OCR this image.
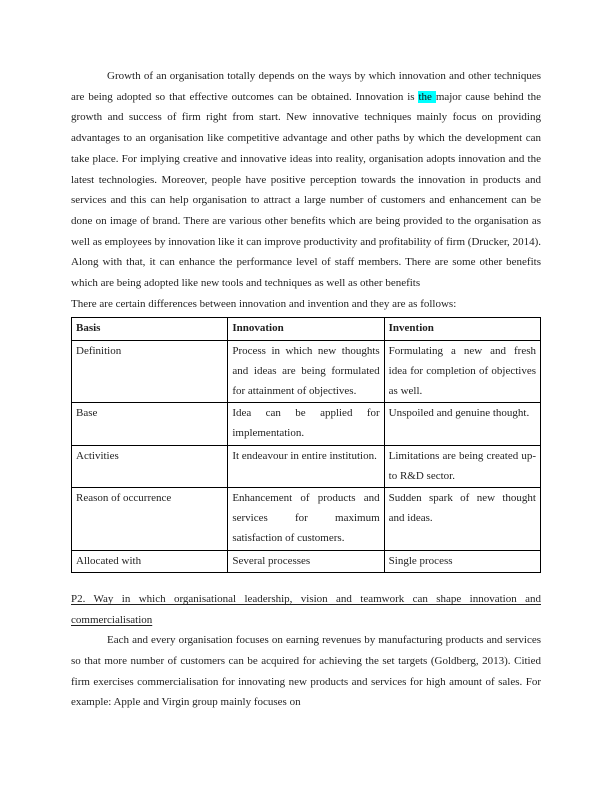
Growth of an organisation totally depends on the ways by which innovation and other techniques are being adopted so that effective outcomes can be obtained. Innovation is the major cause behind the growth and success of firm right from start. New innovative techniques mainly focus on providing advantages to an organisation like competitive advantage and other paths by which the development can take place. For implying creative and innovative ideas into reality, organisation adopts innovation and the latest technologies. Moreover, people have positive perception towards the innovation in products and services and this can help organisation to attract a large number of customers and enhancement can be done on image of brand. There are various other benefits which are being provided to the organisation as well as employees by innovation like it can improve productivity and profitability of firm (Drucker, 2014). Along with that, it can enhance the performance level of staff members. There are some other benefits which are being adopted like new tools and techniques as well as other benefits

There are certain differences between innovation and invention and they are as follows:

Basis	Innovation	Invention
Definition	Process in which new thoughts and ideas are being formulated for attainment of objectives.	Formulating a new and fresh idea for completion of objectives as well.
Base	Idea can be applied for implementation.	Unspoiled and genuine thought.
Activities	It endeavour in entire institution.	Limitations are being created up-to R&D sector.
Reason of occurrence	Enhancement of products and services for maximum satisfaction of customers.	Sudden spark of new thought and ideas.
Allocated with	Several processes	Single process

P2. Way in which organisational leadership, vision and teamwork can shape innovation and commercialisation

Each and every organisation focuses on earning revenues by manufacturing products and services so that more number of customers can be acquired for achieving the set targets (Goldberg, 2013). Citied firm exercises commercialisation for innovating new products and services for high amount of sales. For example: Apple and Virgin group mainly focuses on
